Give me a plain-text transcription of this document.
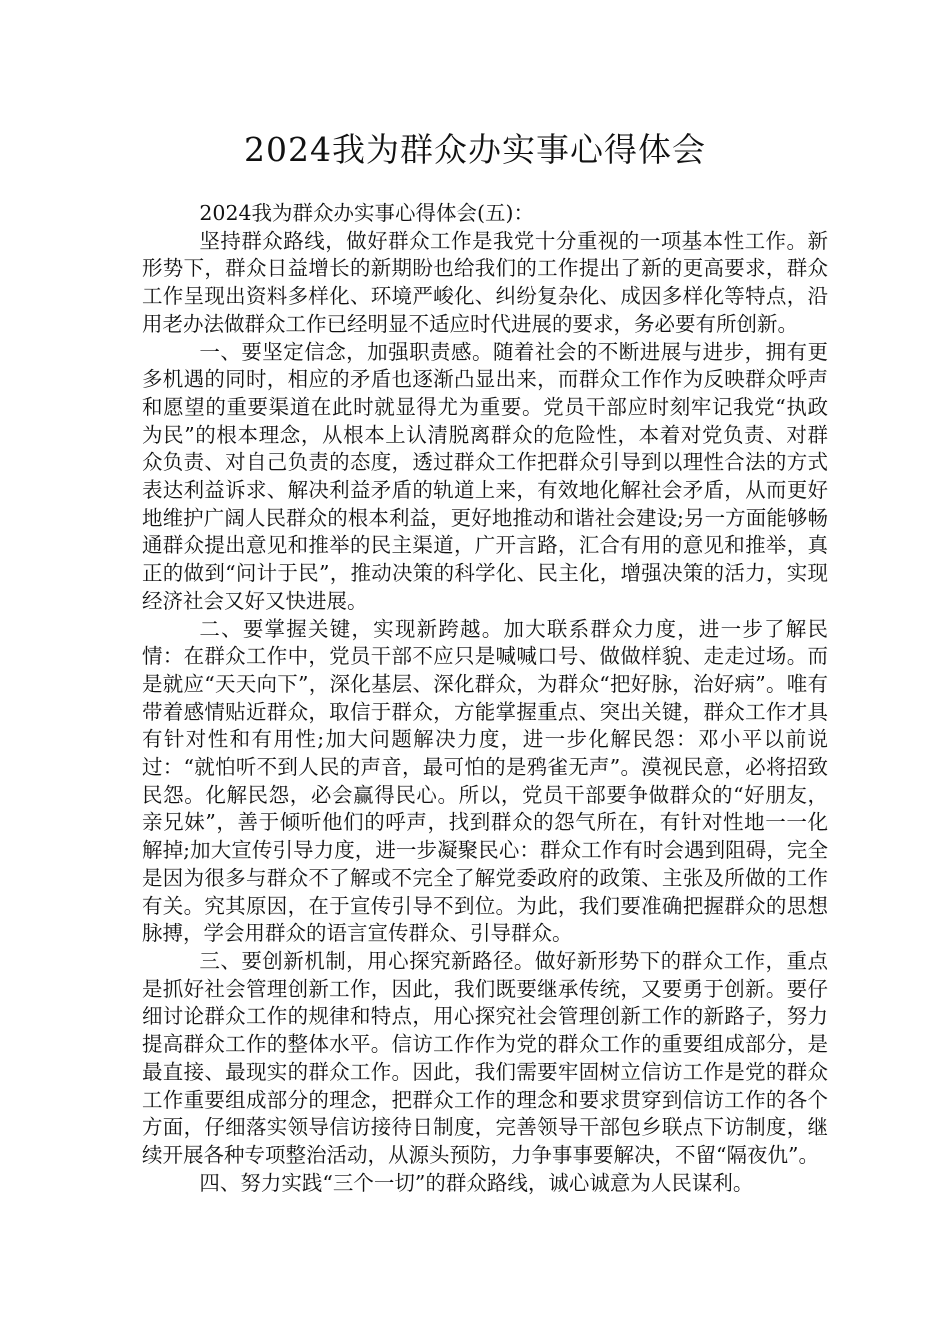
2024我为群众办实事心得体会

2024我为群众办实事心得体会(五)：

坚持群众路线，做好群众工作是我党十分重视的一项基本性工作。新形势下，群众日益增长的新期盼也给我们的工作提出了新的更高要求，群众工作呈现出资料多样化、环境严峻化、纠纷复杂化、成因多样化等特点，沿用老办法做群众工作已经明显不适应时代进展的要求，务必要有所创新。

一、要坚定信念，加强职责感。随着社会的不断进展与进步，拥有更多机遇的同时，相应的矛盾也逐渐凸显出来，而群众工作作为反映群众呼声和愿望的重要渠道在此时就显得尤为重要。党员干部应时刻牢记我党“执政为民”的根本理念，从根本上认清脱离群众的危险性，本着对党负责、对群众负责、对自己负责的态度，透过群众工作把群众引导到以理性合法的方式表达利益诉求、解决利益矛盾的轨道上来，有效地化解社会矛盾，从而更好地维护广阔人民群众的根本利益，更好地推动和谐社会建设;另一方面能够畅通群众提出意见和推举的民主渠道，广开言路，汇合有用的意见和推举，真正的做到“问计于民”，推动决策的科学化、民主化，增强决策的活力，实现经济社会又好又快进展。

二、要掌握关键，实现新跨越。加大联系群众力度，进一步了解民情：在群众工作中，党员干部不应只是喊喊口号、做做样貌、走走过场。而是就应“天天向下”，深化基层、深化群众，为群众“把好脉，治好病”。唯有带着感情贴近群众，取信于群众，方能掌握重点、突出关键，群众工作才具有针对性和有用性;加大问题解决力度，进一步化解民怨：邓小平以前说过：“就怕听不到人民的声音，最可怕的是鸦雀无声”。漠视民意，必将招致民怨。化解民怨，必会赢得民心。所以，党员干部要争做群众的“好朋友，亲兄妹”，善于倾听他们的呼声，找到群众的怨气所在，有针对性地一一化解掉;加大宣传引导力度，进一步凝聚民心：群众工作有时会遇到阻碍，完全是因为很多与群众不了解或不完全了解党委政府的政策、主张及所做的工作有关。究其原因，在于宣传引导不到位。为此，我们要准确把握群众的思想脉搏，学会用群众的语言宣传群众、引导群众。

三、要创新机制，用心探究新路径。做好新形势下的群众工作，重点是抓好社会管理创新工作，因此，我们既要继承传统，又要勇于创新。要仔细讨论群众工作的规律和特点，用心探究社会管理创新工作的新路子，努力提高群众工作的整体水平。信访工作作为党的群众工作的重要组成部分，是最直接、最现实的群众工作。因此，我们需要牢固树立信访工作是党的群众工作重要组成部分的理念，把群众工作的理念和要求贯穿到信访工作的各个方面，仔细落实领导信访接待日制度，完善领导干部包乡联点下访制度，继续开展各种专项整治活动，从源头预防，力争事事要解决，不留“隔夜仇”。

四、努力实践“三个一切”的群众路线，诚心诚意为人民谋利。
